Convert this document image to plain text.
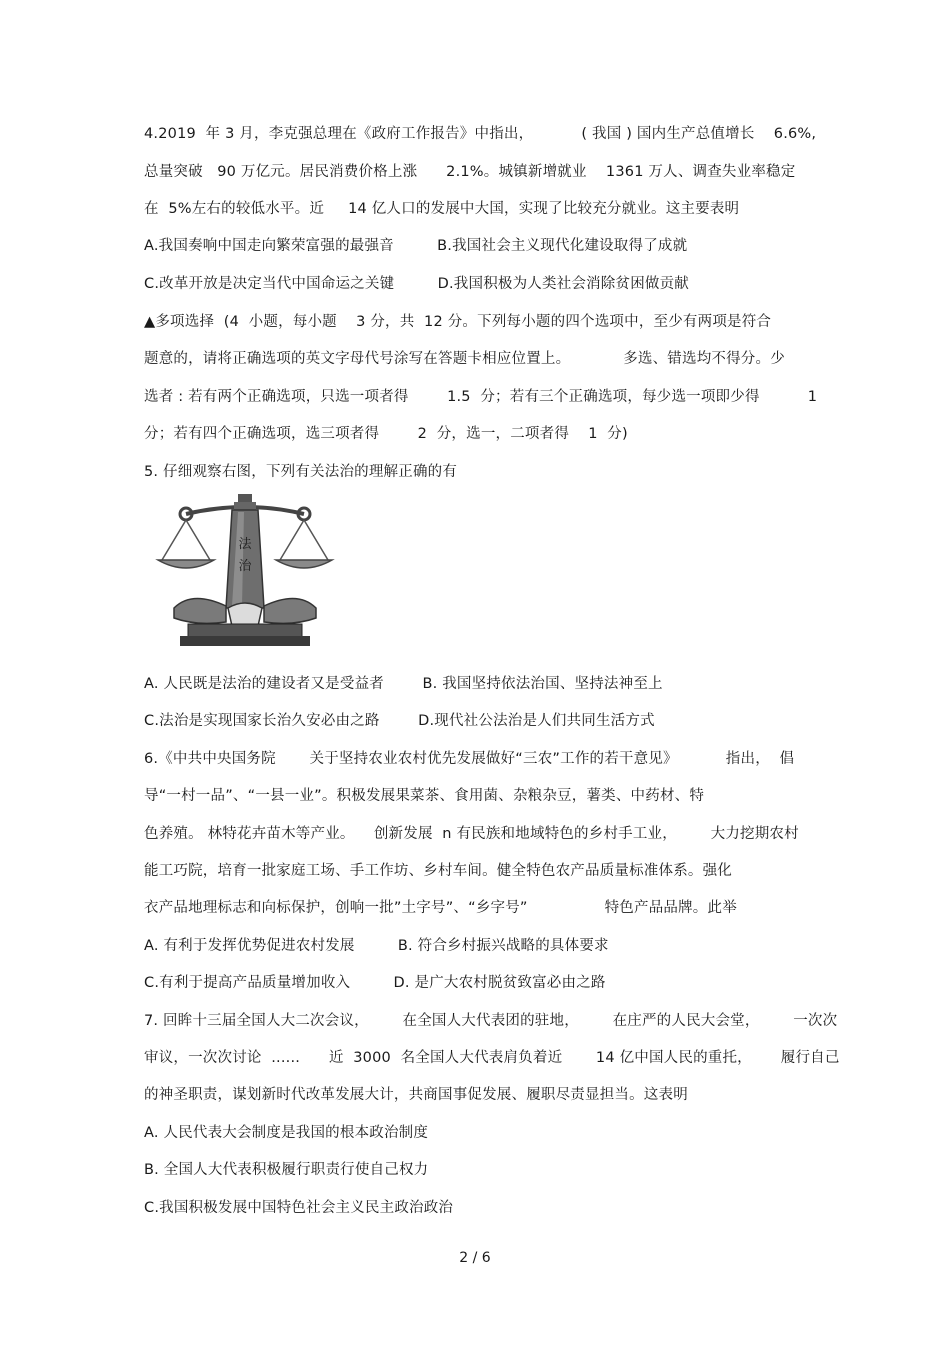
4.2019  年 3 月，李克强总理在《政府工作报告》中指出，          ( 我国 ) 国内生产总值增长    6.6%,
总量突破   90 万亿元。居民消费价格上涨      2.1%。城镇新增就业    1361 万人、调查失业率稳定
在  5%左右的较低水平。近     14 亿人口的发展中大国，实现了比较充分就业。这主要表明
A.我国奏响中国走向繁荣富强的最强音         B.我国社会主义现代化建设取得了成就
C.改革开放是决定当代中国命运之关键         D.我国积极为人类社会消除贫困做贡献
▲多项选择  (4  小题，每小题    3 分，共  12 分。下列每小题的四个选项中，至少有两项是符合
题意的，请将正确选项的英文字母代号涂写在答题卡相应位置上。           多选、错选均不得分。少
选者 : 若有两个正确选项，只选一项者得        1.5  分；若有三个正确选项，每少选一项即少得          1
分；若有四个正确选项，选三项者得        2  分，选一，二项者得    1  分)
5. 仔细观察右图，下列有关法治的理解正确的有
法
治
A. 人民既是法治的建设者又是受益者        B. 我国坚持依法治国、坚持法神至上
C.法治是实现国家长治久安必由之路        D.现代社公法治是人们共同生活方式
6.《中共中央国务院       关于坚持农业农村优先发展做好“三农”工作的若干意见》          指出，  倡
导“一村一品”、“一县一业”。积极发展果菜茶、食用菌、杂粮杂豆，薯类、中药材、特
色养殖。 林特花卉苗木等产业。    创新发展  n 有民族和地域特色的乡村手工业，       大力挖期农村
能工巧院，培育一批家庭工场、手工作坊、乡村车间。健全特色农产品质量标准体系。强化
衣产品地理标志和向标保护，创响一批”土字号”、“乡字号”                特色产品品牌。此举
A. 有利于发挥优势促进农村发展         B. 符合乡村振兴战略的具体要求
C.有利于提高产品质量增加收入         D. 是广大农村脱贫致富必由之路
7. 回眸十三届全国人大二次会议，       在全国人大代表团的驻地，       在庄严的人民大会堂，       一次次
审议，一次次讨论  ......      近  3000  名全国人大代表肩负着近       14 亿中国人民的重托，      履行自己
的神圣职责，谋划新时代改革发展大计，共商国事促发展、履职尽责显担当。这表明
A. 人民代表大会制度是我国的根本政治制度
B. 全国人大代表积极履行职责行使自己权力
C.我国积极发展中国特色社会主义民主政治政治
2 / 6
